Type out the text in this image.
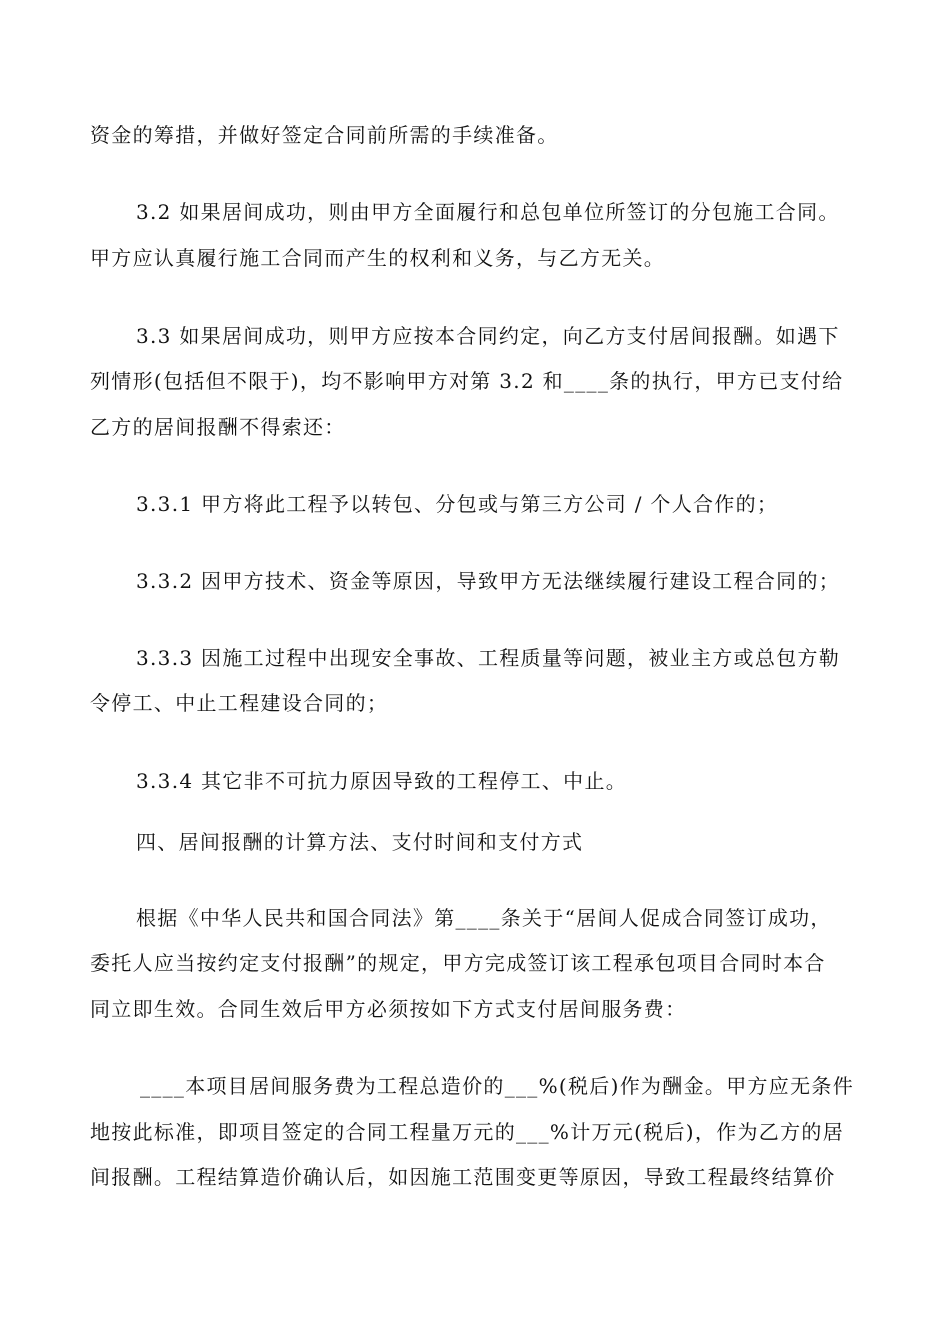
资金的筹措，并做好签定合同前所需的手续准备。
3.2 如果居间成功，则由甲方全面履行和总包单位所签订的分包施工合同。
甲方应认真履行施工合同而产生的权利和义务，与乙方无关。
3.3 如果居间成功，则甲方应按本合同约定，向乙方支付居间报酬。如遇下
列情形(包括但不限于)，均不影响甲方对第 3.2 和____条的执行，甲方已支付给
乙方的居间报酬不得索还：
3.3.1 甲方将此工程予以转包、分包或与第三方公司 / 个人合作的；
3.3.2 因甲方技术、资金等原因，导致甲方无法继续履行建设工程合同的；
3.3.3 因施工过程中出现安全事故、工程质量等问题，被业主方或总包方勒
令停工、中止工程建设合同的；
3.3.4 其它非不可抗力原因导致的工程停工、中止。
四、居间报酬的计算方法、支付时间和支付方式
根据《中华人民共和国合同法》第____条关于“居间人促成合同签订成功，
委托人应当按约定支付报酬”的规定，甲方完成签订该工程承包项目合同时本合
同立即生效。合同生效后甲方必须按如下方式支付居间服务费：
____本项目居间服务费为工程总造价的___%(税后)作为酬金。甲方应无条件
地按此标准，即项目签定的合同工程量万元的___%计万元(税后)，作为乙方的居
间报酬。工程结算造价确认后，如因施工范围变更等原因，导致工程最终结算价
